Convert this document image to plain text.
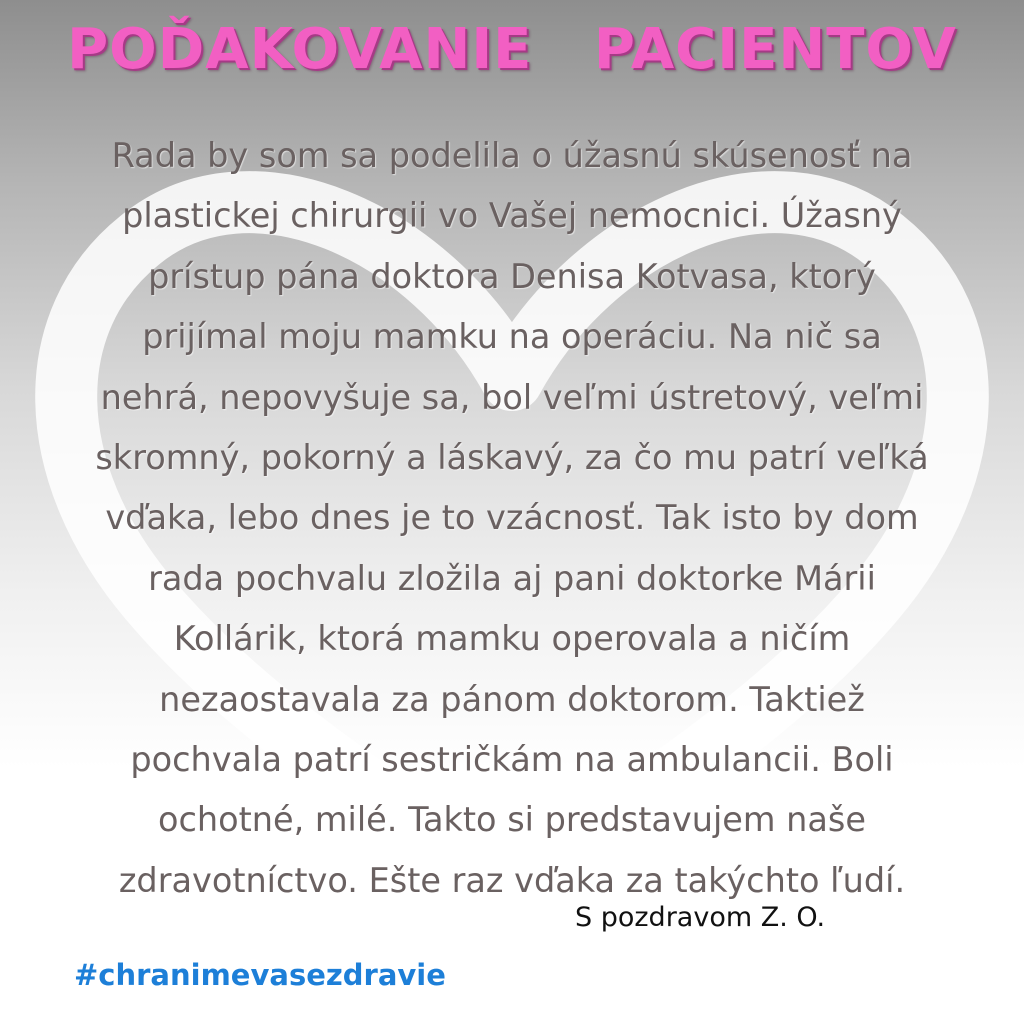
POĎAKOVANIE   PACIENTOV
Rada by som sa podelila o úžasnú skúsenosť na
plastickej chirurgii vo Vašej nemocnici. Úžasný
prístup pána doktora Denisa Kotvasa, ktorý
prijímal moju mamku na operáciu. Na nič sa
nehrá, nepovyšuje sa, bol veľmi ústretový, veľmi
skromný, pokorný a láskavý, za čo mu patrí veľká
vďaka, lebo dnes je to vzácnosť. Tak isto by dom
rada pochvalu zložila aj pani doktorke Márii
Kollárik, ktorá mamku operovala a ničím
nezaostavala za pánom doktorom. Taktiež
pochvala patrí sestričkám na ambulancii. Boli
ochotné, milé. Takto si predstavujem naše
zdravotníctvo. Ešte raz vďaka za takýchto ľudí.

S pozdravom Z. O.

#chranimevasezdravie
